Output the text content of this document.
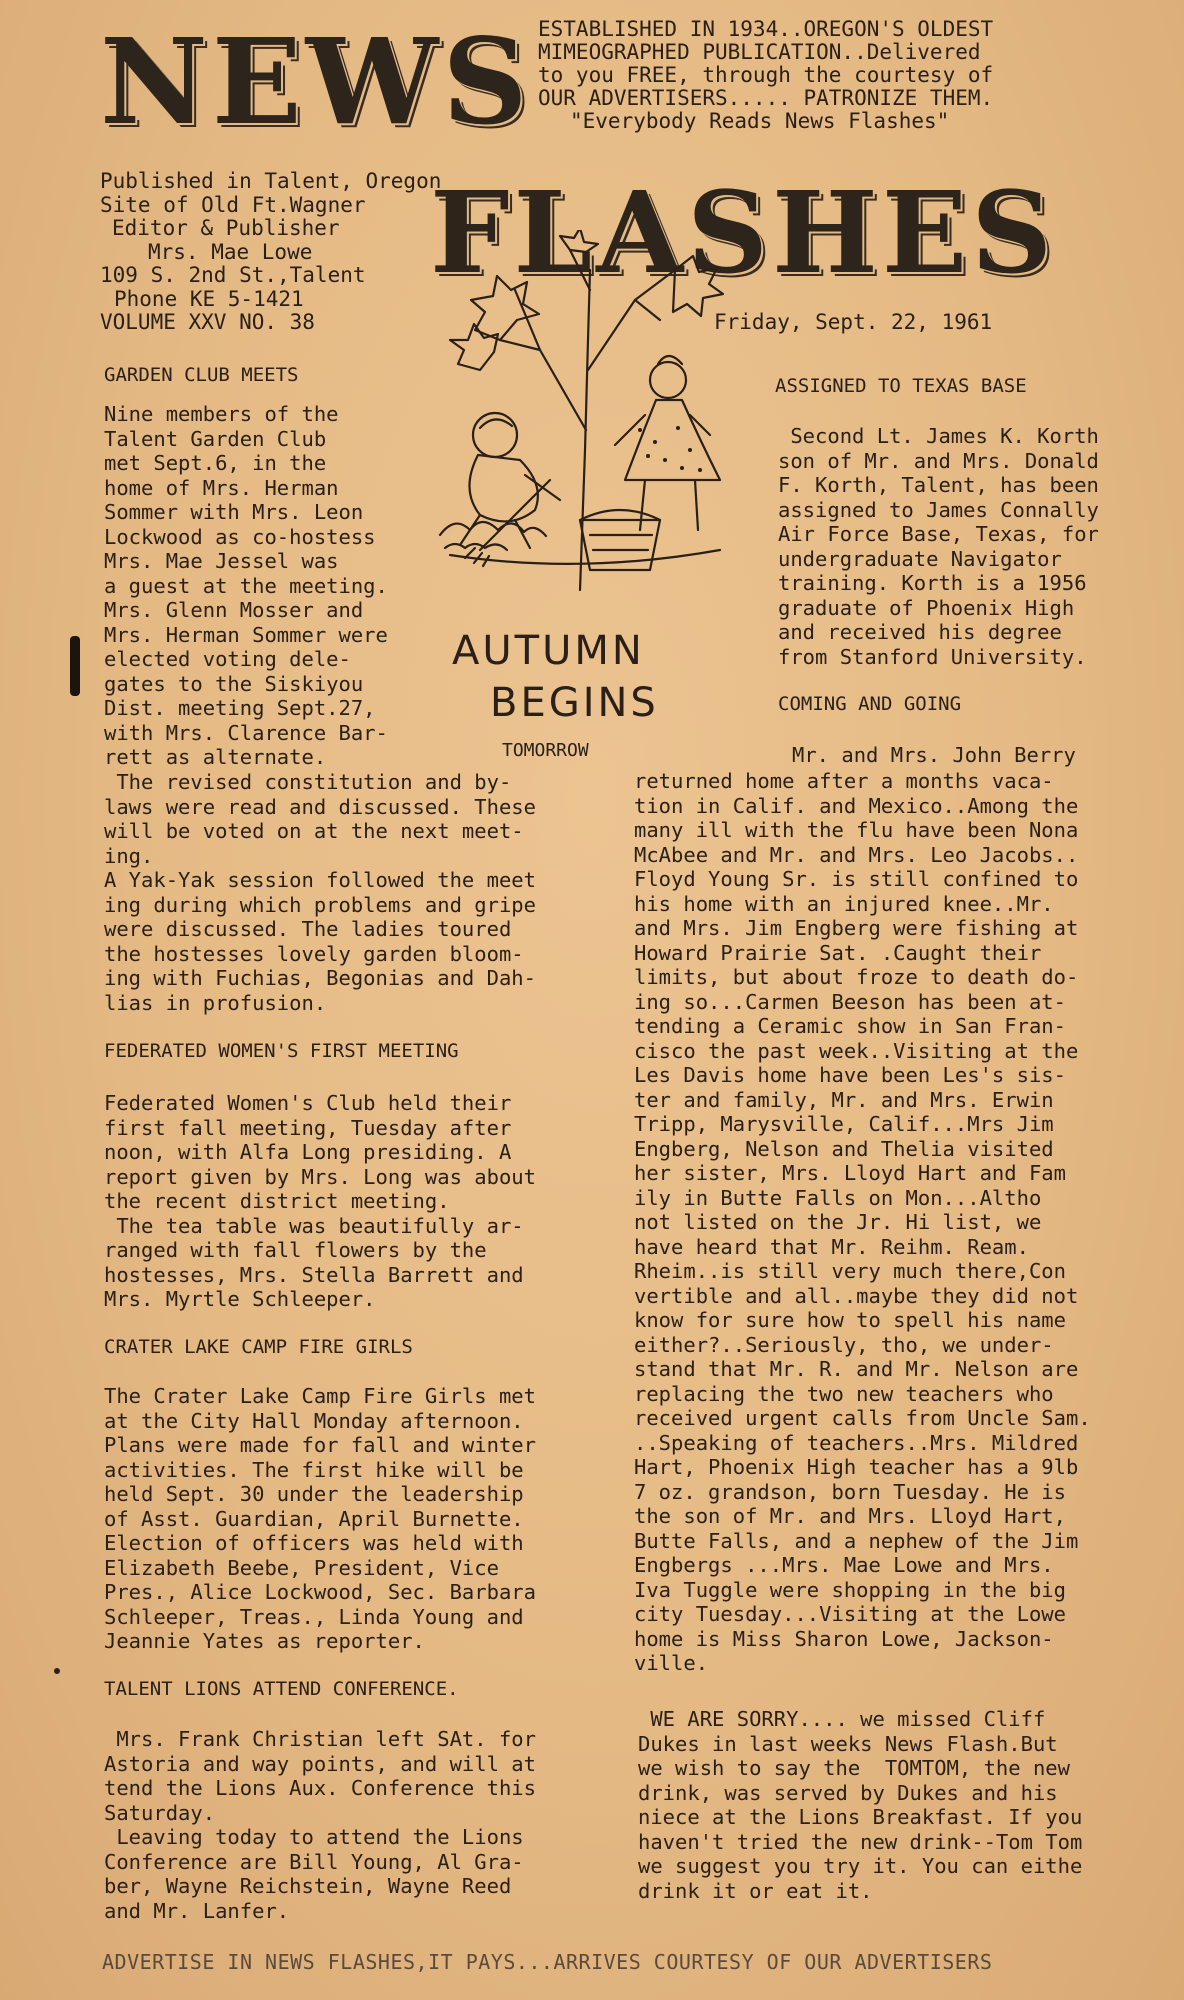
NEWS
FLASHES
ESTABLISHED IN 1934..OREGON'S OLDEST
MIMEOGRAPHED PUBLICATION..Delivered
to you FREE, through the courtesy of
OUR ADVERTISERS..... PATRONIZE THEM.
"Everybody Reads News Flashes"
Published in Talent, Oregon
Site of Old Ft.Wagner
Editor & Publisher
Mrs. Mae Lowe
109 S. 2nd St.,Talent
Phone KE 5-1421
VOLUME XXV NO. 38	Friday, Sept. 22, 1961
AUTUMN
BEGINS
TOMORROW
GARDEN CLUB MEETS
Nine members of the
Talent Garden Club
met Sept.6, in the
home of Mrs. Herman
Sommer with Mrs. Leon
Lockwood as co-hostess
Mrs. Mae Jessel was
a guest at the meeting.
Mrs. Glenn Mosser and
Mrs. Herman Sommer were
elected voting dele-
gates to the Siskiyou
Dist. meeting Sept.27,
with Mrs. Clarence Bar-
rett as alternate.
The revised constitution and by-
laws were read and discussed. These
will be voted on at the next meet-
ing.
A Yak-Yak session followed the meet
ing during which problems and gripe
were discussed. The ladies toured
the hostesses lovely garden bloom-
ing with Fuchias, Begonias and Dah-
lias in profusion.
FEDERATED WOMEN'S FIRST MEETING
Federated Women's Club held their
first fall meeting, Tuesday after
noon, with Alfa Long presiding. A
report given by Mrs. Long was about
the recent district meeting.
The tea table was beautifully ar-
ranged with fall flowers by the
hostesses, Mrs. Stella Barrett and
Mrs. Myrtle Schleeper.
CRATER LAKE CAMP FIRE GIRLS
The Crater Lake Camp Fire Girls met
at the City Hall Monday afternoon.
Plans were made for fall and winter
activities. The first hike will be
held Sept. 30 under the leadership
of Asst. Guardian, April Burnette.
Election of officers was held with
Elizabeth Beebe, President, Vice
Pres., Alice Lockwood, Sec. Barbara
Schleeper, Treas., Linda Young and
Jeannie Yates as reporter.
TALENT LIONS ATTEND CONFERENCE.
Mrs. Frank Christian left SAt. for
Astoria and way points, and will at
tend the Lions Aux. Conference this
Saturday.
Leaving today to attend the Lions
Conference are Bill Young, Al Gra-
ber, Wayne Reichstein, Wayne Reed
and Mr. Lanfer.
ASSIGNED TO TEXAS BASE
Second Lt. James K. Korth
son of Mr. and Mrs. Donald
F. Korth, Talent, has been
assigned to James Connally
Air Force Base, Texas, for
undergraduate Navigator
training. Korth is a 1956
graduate of Phoenix High
and received his degree
from Stanford University.
COMING AND GOING
Mr. and Mrs. John Berry
returned home after a months vaca-
tion in Calif. and Mexico..Among the
many ill with the flu have been Nona
McAbee and Mr. and Mrs. Leo Jacobs..
Floyd Young Sr. is still confined to
his home with an injured knee..Mr.
and Mrs. Jim Engberg were fishing at
Howard Prairie Sat. .Caught their
limits, but about froze to death do-
ing so...Carmen Beeson has been at-
tending a Ceramic show in San Fran-
cisco the past week..Visiting at the
Les Davis home have been Les's sis-
ter and family, Mr. and Mrs. Erwin
Tripp, Marysville, Calif...Mrs Jim
Engberg, Nelson and Thelia visited
her sister, Mrs. Lloyd Hart and Fam
ily in Butte Falls on Mon...Altho
not listed on the Jr. Hi list, we
have heard that Mr. Reihm. Ream.
Rheim..is still very much there,Con
vertible and all..maybe they did not
know for sure how to spell his name
either?..Seriously, tho, we under-
stand that Mr. R. and Mr. Nelson are
replacing the two new teachers who
received urgent calls from Uncle Sam.
..Speaking of teachers..Mrs. Mildred
Hart, Phoenix High teacher has a 9lb
7 oz. grandson, born Tuesday. He is
the son of Mr. and Mrs. Lloyd Hart,
Butte Falls, and a nephew of the Jim
Engbergs ...Mrs. Mae Lowe and Mrs.
Iva Tuggle were shopping in the big
city Tuesday...Visiting at the Lowe
home is Miss Sharon Lowe, Jackson-
ville.
WE ARE SORRY.... we missed Cliff
Dukes in last weeks News Flash.But
we wish to say the  TOMTOM, the new
drink, was served by Dukes and his
niece at the Lions Breakfast. If you
haven't tried the new drink--Tom Tom
we suggest you try it. You can eithe
drink it or eat it.
ADVERTISE IN NEWS FLASHES,IT PAYS...ARRIVES COURTESY OF OUR ADVERTISERS
